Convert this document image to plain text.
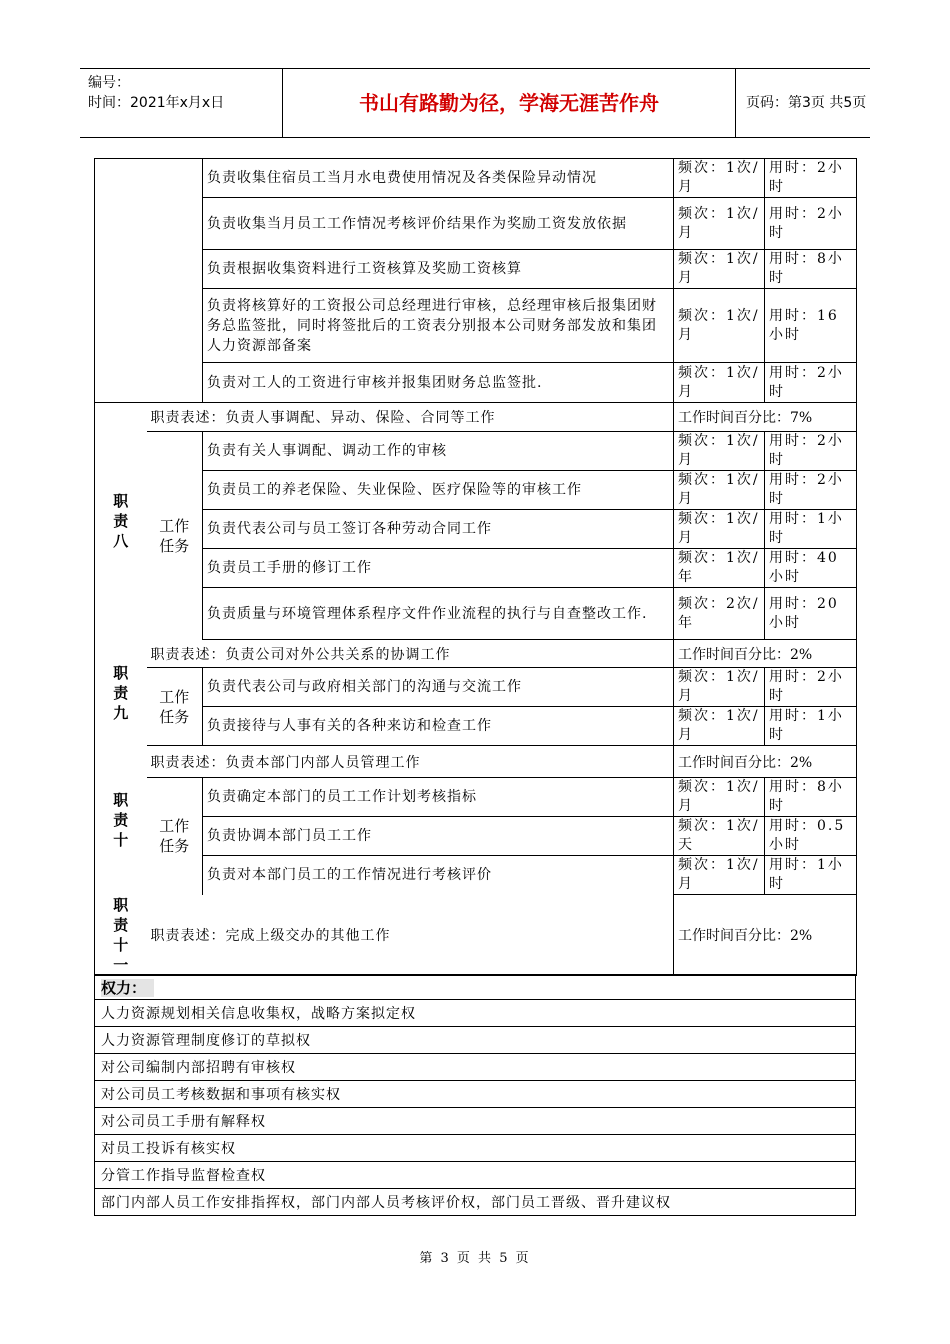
编号：
时间：2021年x月x日	书山有路勤为径，学海无涯苦作舟	页码：第3页 共5页
		负责收集住宿员工当月水电费使用情况及各类保险异动情况	频次：1次/月	用时：2小时
		负责收集当月员工工作情况考核评价结果作为奖励工资发放依据	频次：1次/月	用时：2小时
		负责根据收集资料进行工资核算及奖励工资核算	频次：1次/月	用时：8小时
		负责将核算好的工资报公司总经理进行审核，总经理审核后报集团财务总监签批，同时将签批后的工资表分别报本公司财务部发放和集团人力资源部备案	频次：1次/月	用时：16小时
		负责对工人的工资进行审核并报集团财务总监签批.	频次：1次/月	用时：2小时

职
责
八	职责表述：负责人事调配、异动、保险、合同等工作		工作时间百分比：7%	

	工作
任务	负责有关人事调配、调动工作的审核	频次：1次/月	用时：2小时
		负责员工的养老保险、失业保险、医疗保险等的审核工作	频次：1次/月	用时：2小时
		负责代表公司与员工签订各种劳动合同工作	频次：1次/月	用时：1小时
		负责员工手册的修订工作	频次：1次/年	用时：40小时
		负责质量与环境管理体系程序文件作业流程的执行与自查整改工作.	频次：2次/年	用时：20小时

职
责
九	职责表述：负责公司对外公共关系的协调工作		工作时间百分比：2%	

	工作
任务	负责代表公司与政府相关部门的沟通与交流工作	频次：1次/月	用时：2小时
		负责接待与人事有关的各种来访和检查工作	频次：1次/月	用时：1小时

职
责
十	职责表述：负责本部门内部人员管理工作		工作时间百分比：2%	

	工作
任务	负责确定本部门的员工工作计划考核指标	频次：1次/月	用时：8小时
		负责协调本部门员工工作	频次：1次/天	用时：0.5小时
		负责对本部门员工的工作情况进行考核评价	频次：1次/月	用时：1小时

职
责
十
一	职责表述：完成上级交办的其他工作		工作时间百分比：2%	
权力：
人力资源规划相关信息收集权，战略方案拟定权
人力资源管理制度修订的草拟权
对公司编制内部招聘有审核权
对公司员工考核数据和事项有核实权
对公司员工手册有解释权
对员工投诉有核实权
分管工作指导监督检查权
部门内部人员工作安排指挥权，部门内部人员考核评价权，部门员工晋级、晋升建议权
第 3 页 共 5 页
